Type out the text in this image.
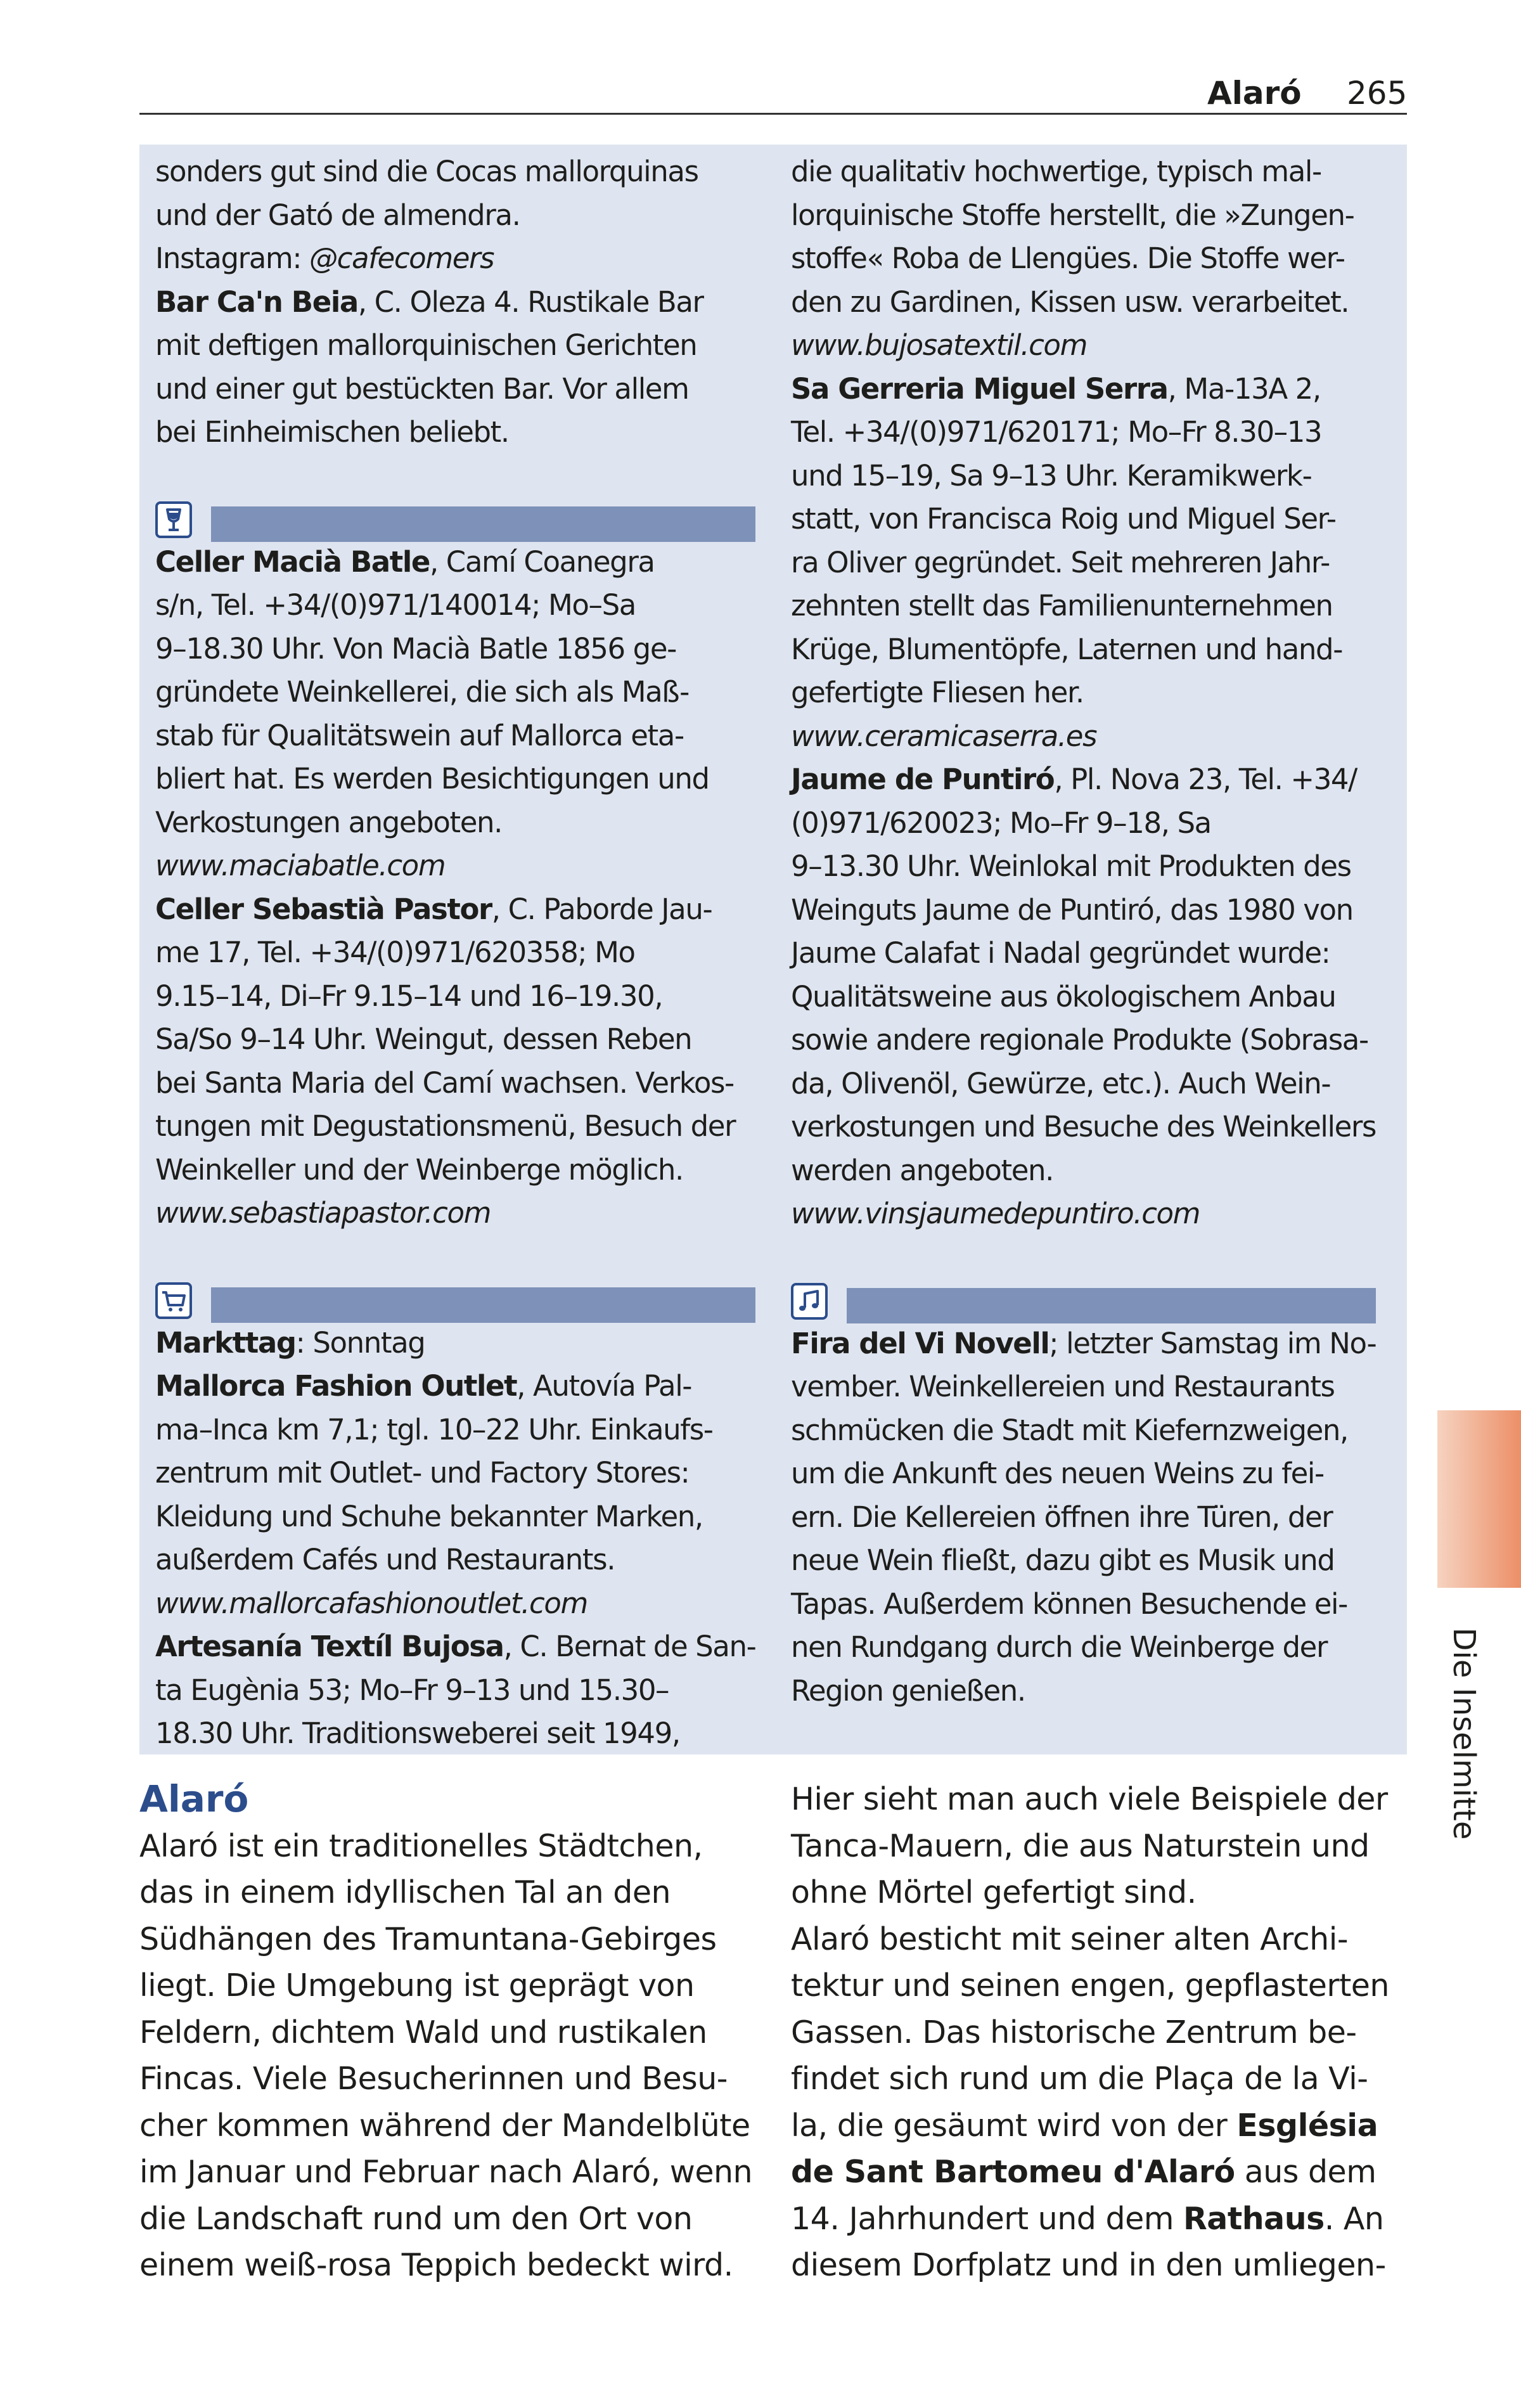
Alaró 265

sonders gut sind die Cocas mallorquinas

und der Gató de almendra.

Instagram: @cafecomers

Bar Ca'n Beia, C. Oleza 4. Rustikale Bar

mit deftigen mallorquinischen Gerichten

und einer gut bestückten Bar. Vor allem

bei Einheimischen beliebt.

Celler Macià Batle, Camí Coanegra

s/n, Tel. +34/(0)971/140014; Mo–Sa

9–18.30 Uhr. Von Macià Batle 1856 ge-

gründete Weinkellerei, die sich als Maß-

stab für Qualitätswein auf Mallorca eta-

bliert hat. Es werden Besichtigungen und

Verkostungen angeboten.

www.maciabatle.com

Celler Sebastià Pastor, C. Paborde Jau-

me 17, Tel. +34/(0)971/620358; Mo

9.15–14, Di–Fr 9.15–14 und 16–19.30,

Sa/So 9–14 Uhr. Weingut, dessen Reben

bei Santa Maria del Camí wachsen. Verkos-

tungen mit Degustationsmenü, Besuch der

Weinkeller und der Weinberge möglich.

www.sebastiapastor.com

Markttag: Sonntag

Mallorca Fashion Outlet, Autovía Pal-

ma–Inca km 7,1; tgl. 10–22 Uhr. Einkaufs-

zentrum mit Outlet- und Factory Stores:

Kleidung und Schuhe bekannter Marken,

außerdem Cafés und Restaurants.

www.mallorcafashionoutlet.com

Artesanía Textíl Bujosa, C. Bernat de San-

ta Eugènia 53; Mo–Fr 9–13 und 15.30–

18.30 Uhr. Traditionsweberei seit 1949,

die qualitativ hochwertige, typisch mal-

lorquinische Stoffe herstellt, die »Zungen-

stoffe« Roba de Llengües. Die Stoffe wer-

den zu Gardinen, Kissen usw. verarbeitet.

www.bujosatextil.com

Sa Gerreria Miguel Serra, Ma-13A 2,

Tel. +34/(0)971/620171; Mo–Fr 8.30–13

und 15–19, Sa 9–13 Uhr. Keramikwerk-

statt, von Francisca Roig und Miguel Ser-

ra Oliver gegründet. Seit mehreren Jahr-

zehnten stellt das Familienunternehmen

Krüge, Blumentöpfe, Laternen und hand-

gefertigte Fliesen her.

www.ceramicaserra.es

Jaume de Puntiró, Pl. Nova 23, Tel. +34/

(0)971/620023; Mo–Fr 9–18, Sa

9–13.30 Uhr. Weinlokal mit Produkten des

Weinguts Jaume de Puntiró, das 1980 von

Jaume Calafat i Nadal gegründet wurde:

Qualitätsweine aus ökologischem Anbau

sowie andere regionale Produkte (Sobrasa-

da, Olivenöl, Gewürze, etc.). Auch Wein-

verkostungen und Besuche des Weinkellers

werden angeboten.

www.vinsjaumedepuntiro.com

Fira del Vi Novell; letzter Samstag im No-

vember. Weinkellereien und Restaurants

schmücken die Stadt mit Kiefernzweigen,

um die Ankunft des neuen Weins zu fei-

ern. Die Kellereien öffnen ihre Türen, der

neue Wein fließt, dazu gibt es Musik und

Tapas. Außerdem können Besuchende ei-

nen Rundgang durch die Weinberge der

Region genießen.

Alaró

Alaró ist ein traditionelles Städtchen,

das in einem idyllischen Tal an den

Südhängen des Tramuntana-Gebirges

liegt. Die Umgebung ist geprägt von

Feldern, dichtem Wald und rustikalen

Fincas. Viele Besucherinnen und Besu-

cher kommen während der Mandelblüte

im Januar und Februar nach Alaró, wenn

die Landschaft rund um den Ort von

einem weiß-rosa Teppich bedeckt wird.

Hier sieht man auch viele Beispiele der

Tanca-Mauern, die aus Naturstein und

ohne Mörtel gefertigt sind.

Alaró besticht mit seiner alten Archi-

tektur und seinen engen, gepflasterten

Gassen. Das historische Zentrum be-

findet sich rund um die Plaça de la Vi-

la, die gesäumt wird von der Església

de Sant Bartomeu d'Alaró aus dem

14. Jahrhundert und dem Rathaus. An

diesem Dorfplatz und in den umliegen-

Die Inselmitte
